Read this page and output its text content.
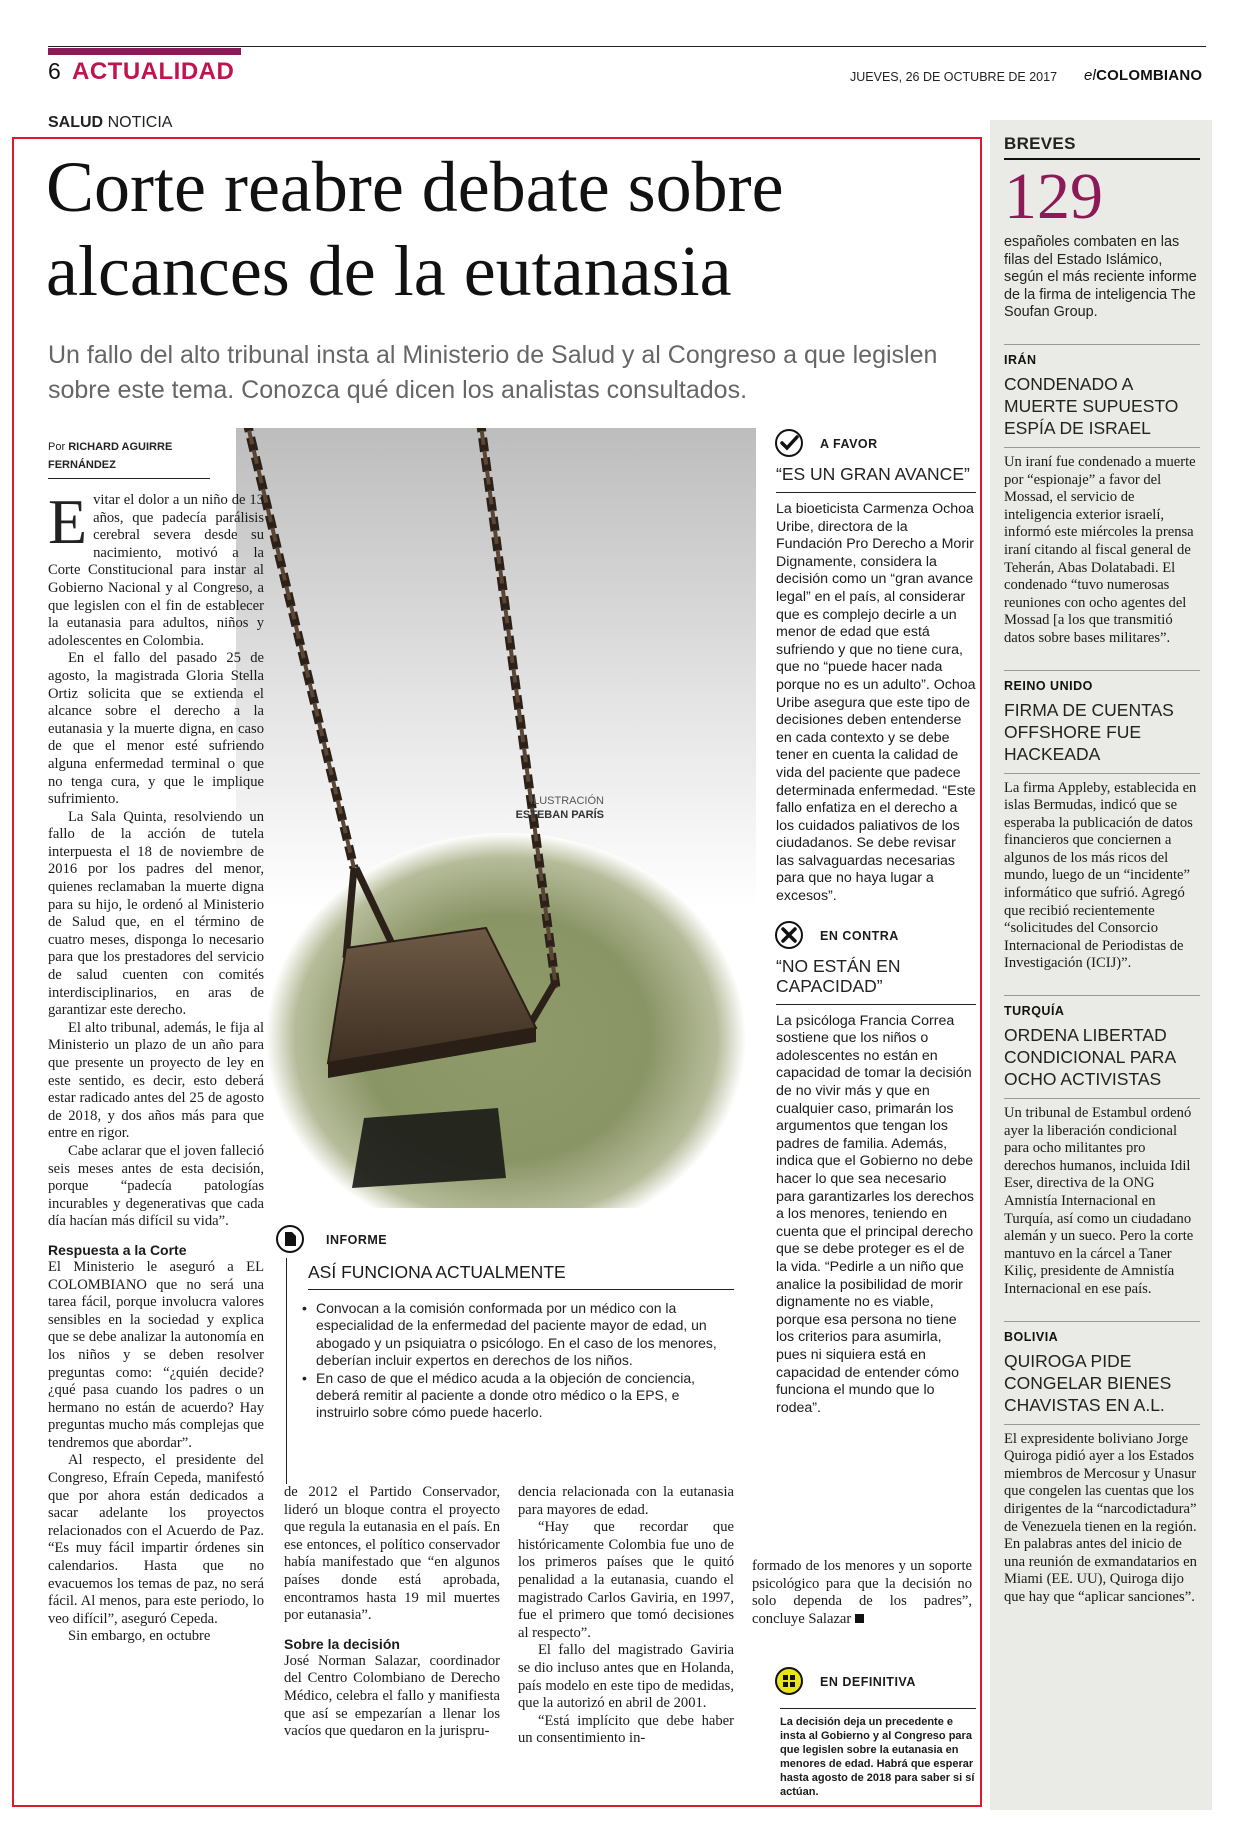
6 ACTUALIDAD	JUEVES, 26 DE OCTUBRE DE 2017 elCOLOMBIANO
SALUD NOTICIA
Corte reabre debate sobre alcances de la eutanasia
Un fallo del alto tribunal insta al Ministerio de Salud y al Congreso a que legislen sobre este tema. Conozca qué dicen los analistas consultados.
Por RICHARD AGUIRRE FERNÁNDEZ
ILUSTRACIÓN
ESTEBAN PARÍS

Evitar el dolor a un niño de 13 años, que padecía parálisis cerebral severa desde su nacimiento, motivó a la Corte Constitucional para instar al Gobierno Nacional y al Congreso, a que legislen con el fin de establecer la eutanasia para adultos, niños y adolescentes en Colombia.

En el fallo del pasado 25 de agosto, la magistrada Gloria Stella Ortiz solicita que se extienda el alcance sobre el derecho a la eutanasia y la muerte digna, en caso de que el menor esté sufriendo alguna enfermedad terminal o que no tenga cura, y que le implique sufrimiento.

La Sala Quinta, resolviendo un fallo de la acción de tutela interpuesta el 18 de noviembre de 2016 por los padres del menor, quienes reclamaban la muerte digna para su hijo, le ordenó al Ministerio de Salud que, en el término de cuatro meses, disponga lo necesario para que los prestadores del servicio de salud cuenten con comités interdisciplinarios, en aras de garantizar este derecho.

El alto tribunal, además, le fija al Ministerio un plazo de un año para que presente un proyecto de ley en este sentido, es decir, esto deberá estar radicado antes del 25 de agosto de 2018, y dos años más para que entre en rigor.

Cabe aclarar que el joven falleció seis meses antes de esta decisión, porque “padecía patologías incurables y degenerativas que cada día hacían más difícil su vida”.

Respuesta a la Corte

El Ministerio le aseguró a EL COLOMBIANO que no será una tarea fácil, porque involucra valores sensibles en la sociedad y explica que se debe analizar la autonomía en los niños y se deben resolver preguntas como: “¿quién decide? ¿qué pasa cuando los padres o un hermano no están de acuerdo? Hay preguntas mucho más complejas que tendremos que abordar”.

Al respecto, el presidente del Congreso, Efraín Cepeda, manifestó que por ahora están dedicados a sacar adelante los proyectos relacionados con el Acuerdo de Paz. “Es muy fácil impartir órdenes sin calendarios. Hasta que no evacuemos los temas de paz, no será fácil. Al menos, para este periodo, lo veo difícil”, aseguró Cepeda.

Sin embargo, en octubre

INFORME
ASÍ FUNCIONA ACTUALMENTE
• Convocan a la comisión conformada por un médico con la especialidad de la enfermedad del paciente mayor de edad, un abogado y un psiquiatra o psicólogo. En el caso de los menores, deberían incluir expertos en derechos de los niños.
• En caso de que el médico acuda a la objeción de conciencia, deberá remitir al paciente a donde otro médico o la EPS, e instruirlo sobre cómo puede hacerlo.

de 2012 el Partido Conservador, lideró un bloque contra el proyecto que regula la eutanasia en el país. En ese entonces, el político conservador había manifestado que “en algunos países donde está aprobada, encontramos hasta 19 mil muertes por eutanasia”.

Sobre la decisión

José Norman Salazar, coordinador del Centro Colombiano de Derecho Médico, celebra el fallo y manifiesta que así se empezarían a llenar los vacíos que quedaron en la jurispru-

dencia relacionada con la eutanasia para mayores de edad.

“Hay que recordar que históricamente Colombia fue uno de los primeros países que le quitó penalidad a la eutanasia, cuando el magistrado Carlos Gaviria, en 1997, fue el primero que tomó decisiones al respecto”.

El fallo del magistrado Gaviria se dio incluso antes que en Holanda, país modelo en este tipo de medidas, que la autorizó en abril de 2001.

“Está implícito que debe haber un consentimiento in-

A FAVOR
“ES UN GRAN AVANCE”
La bioeticista Carmenza Ochoa Uribe, directora de la Fundación Pro Derecho a Morir Dignamente, considera la decisión como un “gran avance legal” en el país, al considerar que es complejo decirle a un menor de edad que está sufriendo y que no tiene cura, que no “puede hacer nada porque no es un adulto”. Ochoa Uribe asegura que este tipo de decisiones deben entenderse en cada contexto y se debe tener en cuenta la calidad de vida del paciente que padece determinada enfermedad. “Este fallo enfatiza en el derecho a los cuidados paliativos de los ciudadanos. Se debe revisar las salvaguardas necesarias para que no haya lugar a excesos”.
EN CONTRA
“NO ESTÁN EN CAPACIDAD”
La psicóloga Francia Correa sostiene que los niños o adolescentes no están en capacidad de tomar la decisión de no vivir más y que en cualquier caso, primarán los argumentos que tengan los padres de familia. Además, indica que el Gobierno no debe hacer lo que sea necesario para garantizarles los derechos a los menores, teniendo en cuenta que el principal derecho que se debe proteger es el de la vida. “Pedirle a un niño que analice la posibilidad de morir dignamente no es viable, porque esa persona no tiene los criterios para asumirla, pues ni siquiera está en capacidad de entender cómo funciona el mundo que lo rodea”.

formado de los menores y un soporte psicológico para que la decisión no solo dependa de los padres”, concluye Salazar

EN DEFINITIVA
La decisión deja un precedente e insta al Gobierno y al Congreso para que legislen sobre la eutanasia en menores de edad. Habrá que esperar hasta agosto de 2018 para saber si sí actúan.
BREVES
129
españoles combaten en las filas del Estado Islámico, según el más reciente informe de la firma de inteligencia The Soufan Group.
IRÁN
CONDENADO A MUERTE SUPUESTO ESPÍA DE ISRAEL
Un iraní fue condenado a muerte por “espionaje” a favor del Mossad, el servicio de inteligencia exterior israelí, informó este miércoles la prensa iraní citando al fiscal general de Teherán, Abas Dolatabadi. El condenado “tuvo numerosas reuniones con ocho agentes del Mossad [a los que transmitió datos sobre bases militares”.
REINO UNIDO
FIRMA DE CUENTAS OFFSHORE FUE HACKEADA
La firma Appleby, establecida en islas Bermudas, indicó que se esperaba la publicación de datos financieros que conciernen a algunos de los más ricos del mundo, luego de un “incidente” informático que sufrió. Agregó que recibió recientemente “solicitudes del Consorcio Internacional de Periodistas de Investigación (ICIJ)”.
TURQUÍA
ORDENA LIBERTAD CONDICIONAL PARA OCHO ACTIVISTAS
Un tribunal de Estambul ordenó ayer la liberación condicional para ocho militantes pro derechos humanos, incluida Idil Eser, directiva de la ONG Amnistía Internacional en Turquía, así como un ciudadano alemán y un sueco. Pero la corte mantuvo en la cárcel a Taner Kiliç, presidente de Amnistía Internacional en ese país.
BOLIVIA
QUIROGA PIDE CONGELAR BIENES CHAVISTAS EN A.L.
El expresidente boliviano Jorge Quiroga pidió ayer a los Estados miembros de Mercosur y Unasur que congelen las cuentas que los dirigentes de la “narcodictadura” de Venezuela tienen en la región. En palabras antes del inicio de una reunión de exmandatarios en Miami (EE. UU), Quiroga dijo que hay que “aplicar sanciones”.
